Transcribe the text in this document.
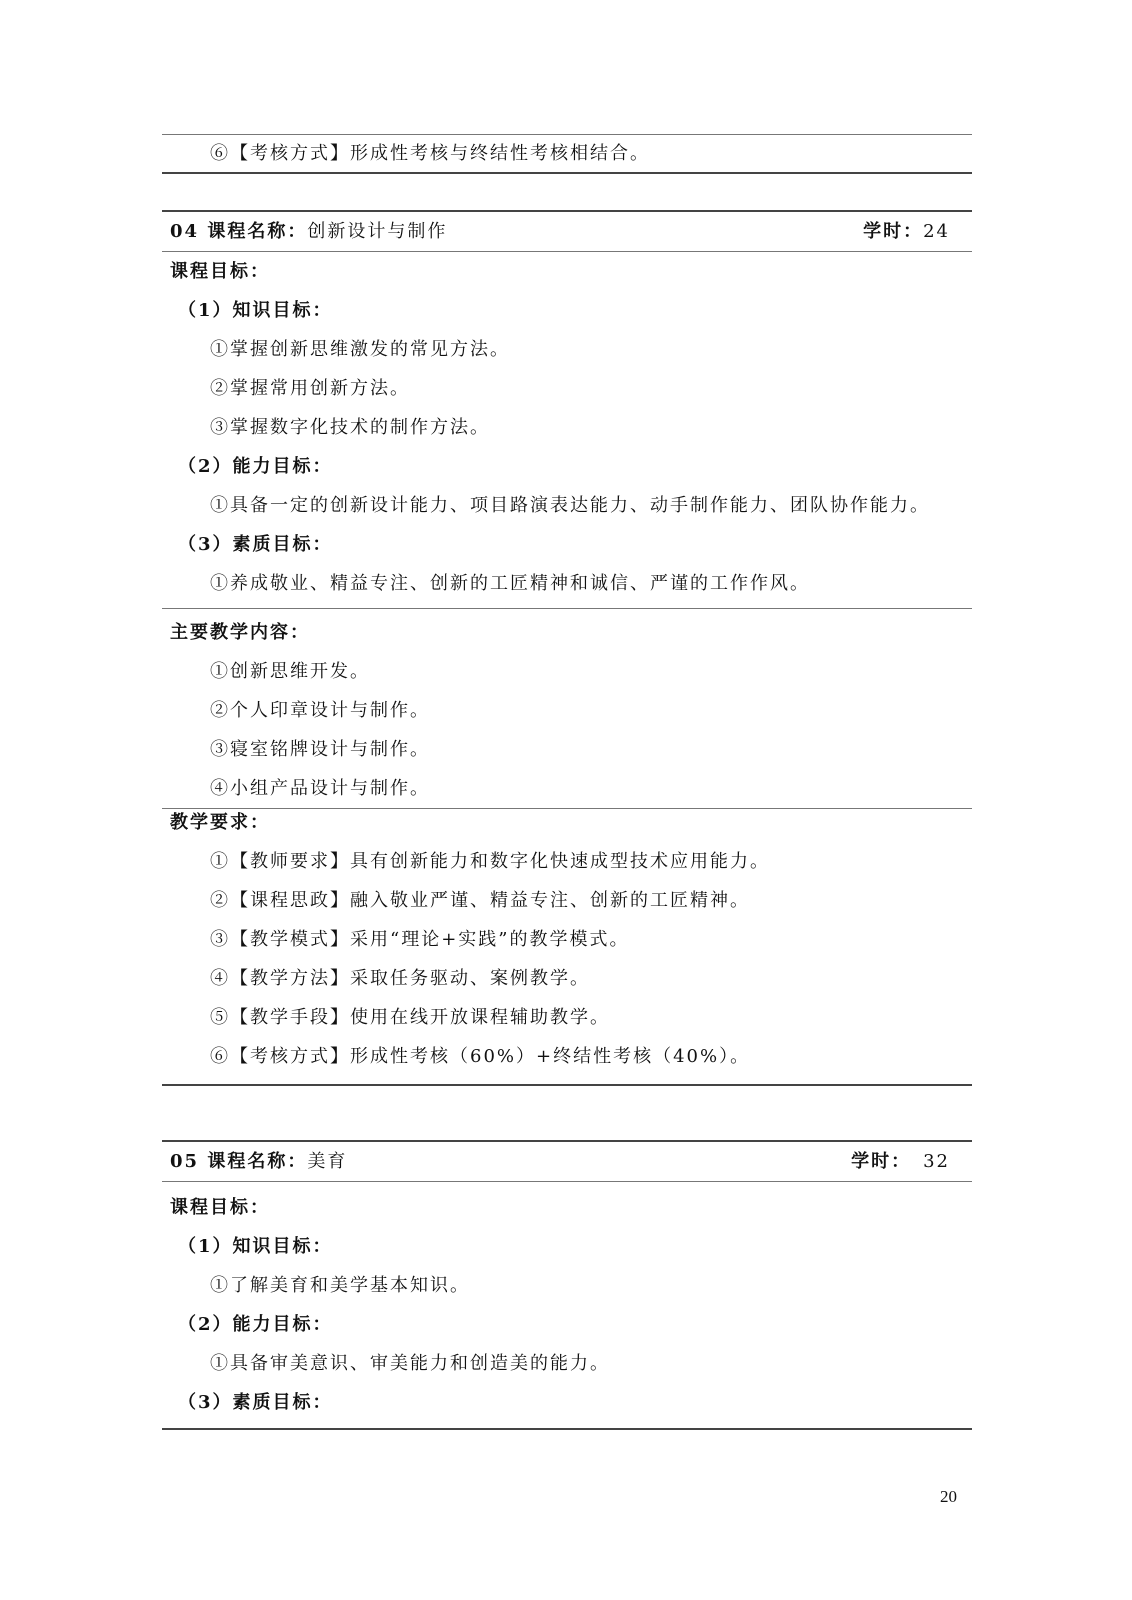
⑥【考核方式】形成性考核与终结性考核相结合。
04 课程名称：创新设计与制作	学时：24
课程目标：
（1）知识目标：
①掌握创新思维激发的常见方法。
②掌握常用创新方法。
③掌握数字化技术的制作方法。
（2）能力目标：
①具备一定的创新设计能力、项目路演表达能力、动手制作能力、团队协作能力。
（3）素质目标：
①养成敬业、精益专注、创新的工匠精神和诚信、严谨的工作作风。
主要教学内容：
①创新思维开发。
②个人印章设计与制作。
③寝室铭牌设计与制作。
④小组产品设计与制作。
教学要求：
①【教师要求】具有创新能力和数字化快速成型技术应用能力。
②【课程思政】融入敬业严谨、精益专注、创新的工匠精神。
③【教学模式】采用“理论+实践”的教学模式。
④【教学方法】采取任务驱动、案例教学。
⑤【教学手段】使用在线开放课程辅助教学。
⑥【考核方式】形成性考核（60%）+终结性考核（40%）。
05 课程名称：美育	学时： 32
课程目标：
（1）知识目标：
①了解美育和美学基本知识。
（2）能力目标：
①具备审美意识、审美能力和创造美的能力。
（3）素质目标：
20
